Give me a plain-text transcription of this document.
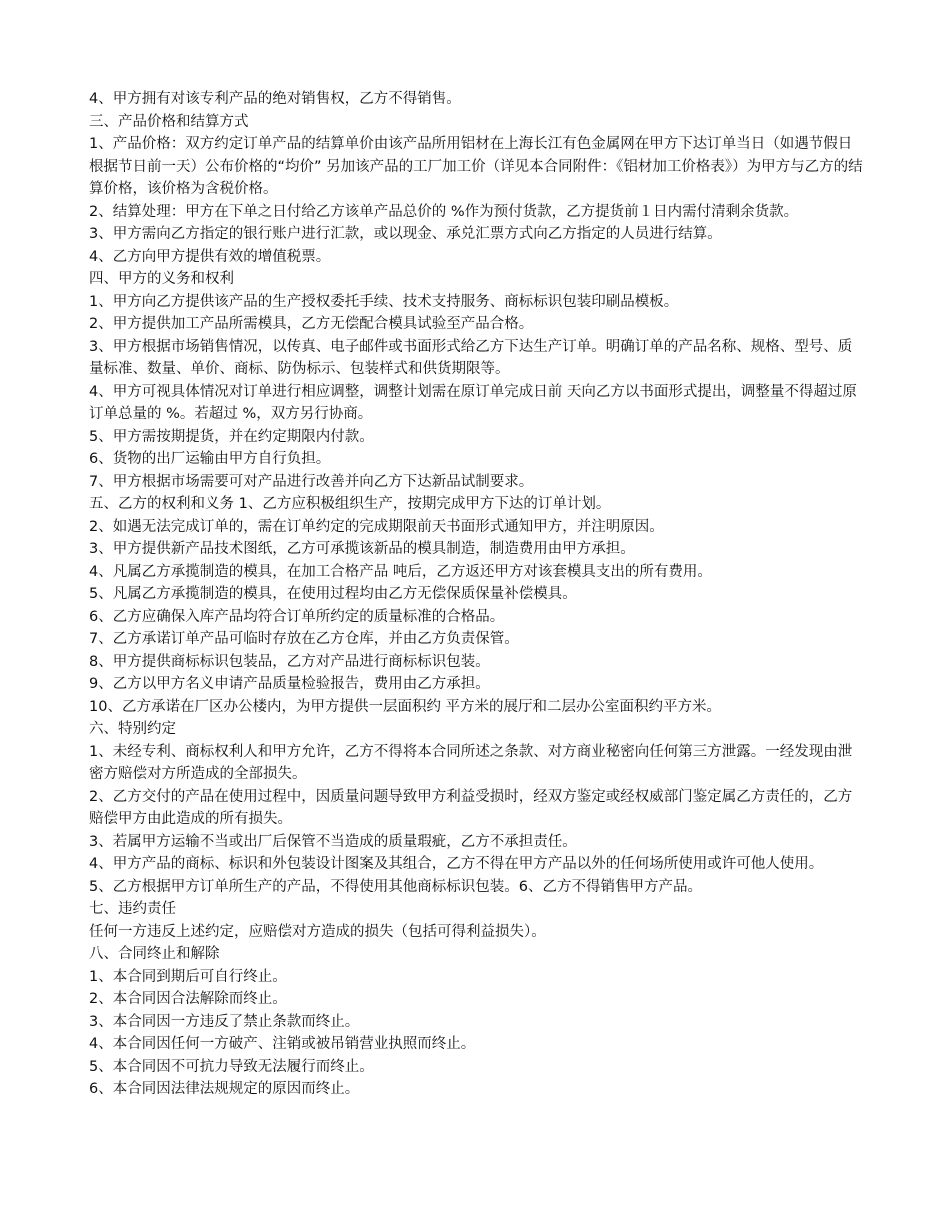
4、甲方拥有对该专利产品的绝对销售权，乙方不得销售。

三、产品价格和结算方式

1、产品价格：双方约定订单产品的结算单价由该产品所用铝材在上海长江有色金属网在甲方下达订单当日（如遇节假日根据节日前一天）公布价格的“均价” 另加该产品的工厂加工价（详见本合同附件：《铝材加工价格表》）为甲方与乙方的结算价格，该价格为含税价格。

2、结算处理：甲方在下单之日付给乙方该单产品总价的 %作为预付货款，乙方提货前１日内需付清剩余货款。

3、甲方需向乙方指定的银行账户进行汇款，或以现金、承兑汇票方式向乙方指定的人员进行结算。

4、乙方向甲方提供有效的增值税票。

四、甲方的义务和权利

1、甲方向乙方提供该产品的生产授权委托手续、技术支持服务、商标标识包装印刷品模板。

2、甲方提供加工产品所需模具，乙方无偿配合模具试验至产品合格。

3、甲方根据市场销售情况，以传真、电子邮件或书面形式给乙方下达生产订单。明确订单的产品名称、规格、型号、质量标准、数量、单价、商标、防伪标示、包装样式和供货期限等。

4、甲方可视具体情况对订单进行相应调整，调整计划需在原订单完成日前 天向乙方以书面形式提出，调整量不得超过原订单总量的 %。若超过 %，双方另行协商。

5、甲方需按期提货，并在约定期限内付款。

6、货物的出厂运输由甲方自行负担。

7、甲方根据市场需要可对产品进行改善并向乙方下达新品试制要求。

五、乙方的权利和义务 1、乙方应积极组织生产，按期完成甲方下达的订单计划。

2、如遇无法完成订单的，需在订单约定的完成期限前天书面形式通知甲方，并注明原因。

3、甲方提供新产品技术图纸，乙方可承揽该新品的模具制造，制造费用由甲方承担。

4、凡属乙方承揽制造的模具，在加工合格产品 吨后，乙方返还甲方对该套模具支出的所有费用。

5、凡属乙方承揽制造的模具，在使用过程均由乙方无偿保质保量补偿模具。

6、乙方应确保入库产品均符合订单所约定的质量标准的合格品。

7、乙方承诺订单产品可临时存放在乙方仓库，并由乙方负责保管。

8、甲方提供商标标识包装品，乙方对产品进行商标标识包装。

9、乙方以甲方名义申请产品质量检验报告，费用由乙方承担。

10、乙方承诺在厂区办公楼内，为甲方提供一层面积约 平方米的展厅和二层办公室面积约平方米。

六、特别约定

1、未经专利、商标权利人和甲方允许，乙方不得将本合同所述之条款、对方商业秘密向任何第三方泄露。一经发现由泄密方赔偿对方所造成的全部损失。

2、乙方交付的产品在使用过程中，因质量问题导致甲方利益受损时，经双方鉴定或经权威部门鉴定属乙方责任的，乙方赔偿甲方由此造成的所有损失。

3、若属甲方运输不当或出厂后保管不当造成的质量瑕疵，乙方不承担责任。

4、甲方产品的商标、标识和外包装设计图案及其组合，乙方不得在甲方产品以外的任何场所使用或许可他人使用。

5、乙方根据甲方订单所生产的产品，不得使用其他商标标识包装。6、乙方不得销售甲方产品。

七、违约责任

任何一方违反上述约定，应赔偿对方造成的损失（包括可得利益损失）。

八、合同终止和解除

1、本合同到期后可自行终止。

2、本合同因合法解除而终止。

3、本合同因一方违反了禁止条款而终止。

4、本合同因任何一方破产、注销或被吊销营业执照而终止。

5、本合同因不可抗力导致无法履行而终止。

6、本合同因法律法规规定的原因而终止。
